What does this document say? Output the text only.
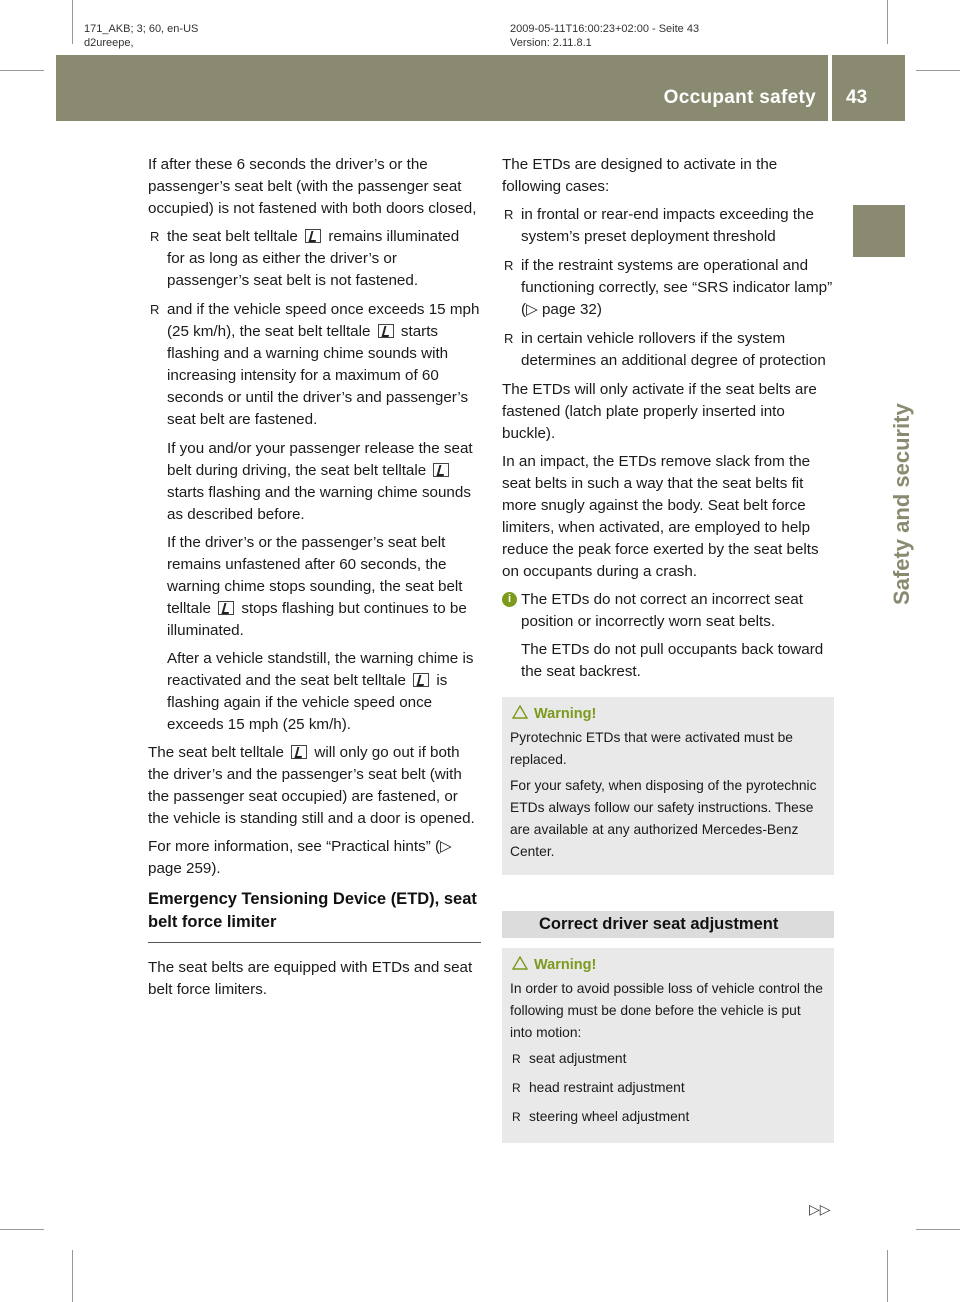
171_AKB; 3; 60, en-US
d2ureepe,
2009-05-11T16:00:23+02:00 - Seite 43
Version: 2.11.8.1
Occupant safety 43
Safety and security

If after these 6 seconds the driver’s or the passenger’s seat belt (with the passenger seat occupied) is not fastened with both doors closed,

R the seat belt telltale  remains illuminated for as long as either the driver’s or passenger’s seat belt is not fastened.
R and if the vehicle speed once exceeds 15 mph (25 km/h), the seat belt telltale  starts flashing and a warning chime sounds with increasing intensity for a maximum of 60 seconds or until the driver’s and passenger’s seat belt are fastened.

If you and/or your passenger release the seat belt during driving, the seat belt telltale  starts flashing and the warning chime sounds as described before.

If the driver’s or the passenger’s seat belt remains unfastened after 60 seconds, the warning chime stops sounding, the seat belt telltale  stops flashing but continues to be illuminated.

After a vehicle standstill, the warning chime is reactivated and the seat belt telltale  is flashing again if the vehicle speed once exceeds 15 mph (25 km/h).

The seat belt telltale  will only go out if both the driver’s and the passenger’s seat belt (with the passenger seat occupied) are fastened, or the vehicle is standing still and a door is opened.

For more information, see “Practical hints” (▷ page 259).

Emergency Tensioning Device (ETD), seat belt force limiter

The seat belts are equipped with ETDs and seat belt force limiters.

The ETDs are designed to activate in the following cases:

R in frontal or rear-end impacts exceeding the system’s preset deployment threshold
R if the restraint systems are operational and functioning correctly, see “SRS indicator lamp” (▷ page 32)
R in certain vehicle rollovers if the system determines an additional degree of protection

The ETDs will only activate if the seat belts are fastened (latch plate properly inserted into buckle).

In an impact, the ETDs remove slack from the seat belts in such a way that the seat belts fit more snugly against the body. Seat belt force limiters, when activated, are employed to help reduce the peak force exerted by the seat belts on occupants during a crash.

i The ETDs do not correct an incorrect seat position or incorrectly worn seat belts.

The ETDs do not pull occupants back toward the seat backrest.

Warning!

Pyrotechnic ETDs that were activated must be replaced.

For your safety, when disposing of the pyrotechnic ETDs always follow our safety instructions. These are available at any authorized Mercedes-Benz Center.

Correct driver seat adjustment
Warning!

In order to avoid possible loss of vehicle control the following must be done before the vehicle is put into motion:

R seat adjustment
R head restraint adjustment
R steering wheel adjustment
▷▷
